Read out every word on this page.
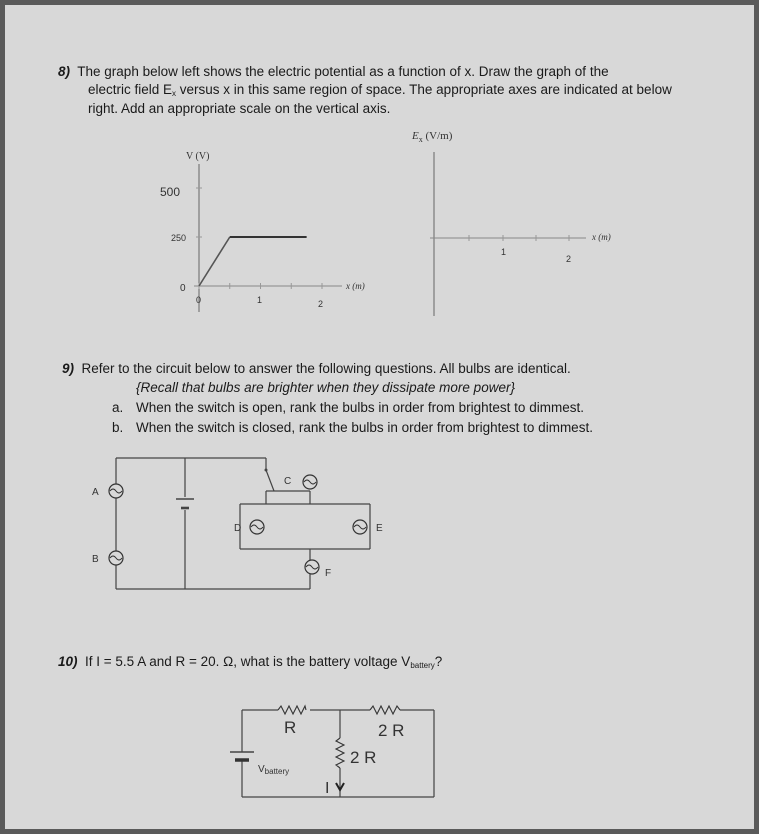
8) The graph below left shows the electric potential as a function of x. Draw the graph of the
electric field $E_x$ versus x in this same region of space. The appropriate axes are indicated at below
right. Add an appropriate scale on the vertical axis.
V (V)
500
250
0
0	1	2
x (m)
$E_x$ (V/m)
1
2
x (m)
9) Refer to the circuit below to answer the following questions. All bulbs are identical.
{Recall that bulbs are brighter when they dissipate more power}
a. When the switch is open, rank the bulbs in order from brightest to dimmest.
b. When the switch is closed, rank the bulbs in order from brightest to dimmest.
A
B
C
D	E
F
10) If I = 5.5 A and R = 20. Ω, what is the battery voltage $V_{battery}$?
R	2 R
2 R
$V_{battery}$
I
